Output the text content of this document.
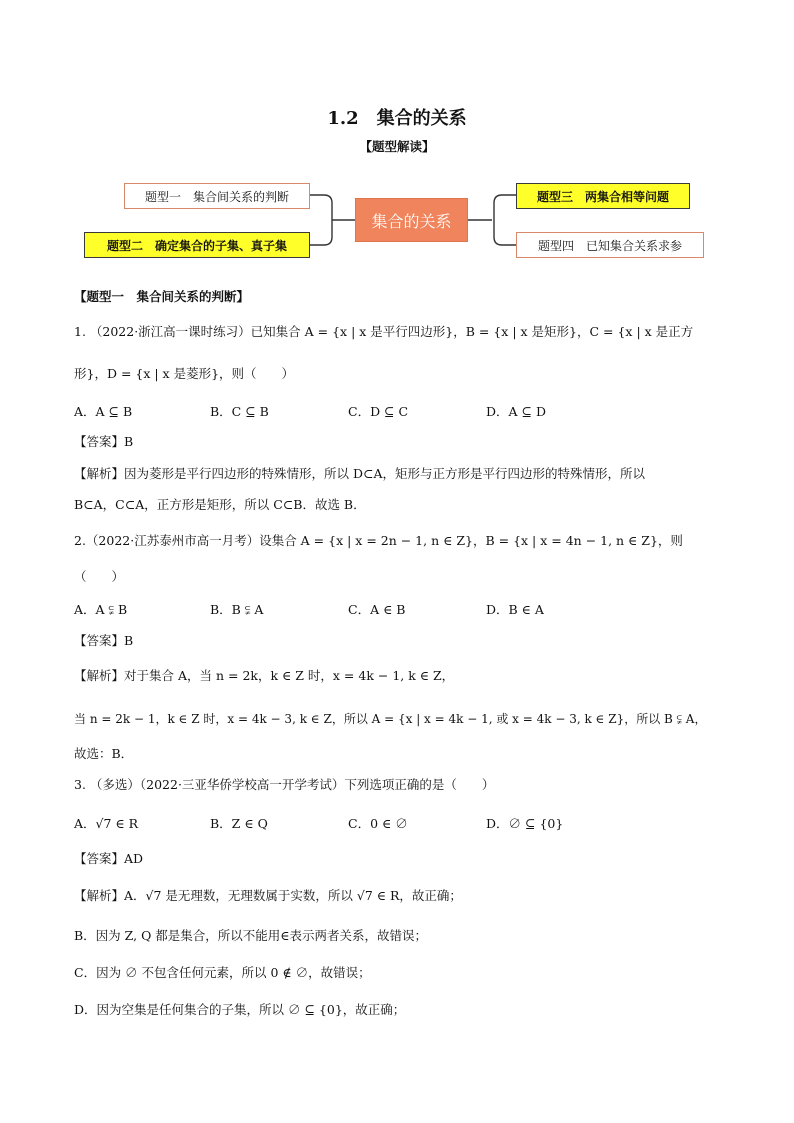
1.2　集合的关系
【题型解读】
题型一　集合间关系的判断
题型二　确定集合的子集、真子集
集合的关系
题型三　两集合相等问题
题型四　已知集合关系求参
【题型一　集合间关系的判断】
1. （2022·浙江高一课时练习）已知集合 A = {x | x 是平行四边形}，B = {x | x 是矩形}，C = {x | x 是正方
形}，D = {x | x 是菱形}，则（　　）
A．A ⊆ B	B．C ⊆ B	C．D ⊆ C	D．A ⊆ D
【答案】B
【解析】因为菱形是平行四边形的特殊情形，所以 D⊂A，矩形与正方形是平行四边形的特殊情形，所以
B⊂A，C⊂A，正方形是矩形，所以 C⊂B．故选 B．
2.（2022·江苏泰州市高一月考）设集合 A = {x | x = 2n − 1, n ∈ Z}，B = {x | x = 4n − 1, n ∈ Z}，则
（　　）
A．A ⫋ B	B．B ⫋ A	C．A ∈ B	D．B ∈ A
【答案】B
【解析】对于集合 A，当 n = 2k，k ∈ Z 时，x = 4k − 1, k ∈ Z，
当 n = 2k − 1，k ∈ Z 时，x = 4k − 3, k ∈ Z，所以 A = {x | x = 4k − 1, 或 x = 4k − 3, k ∈ Z}，所以 B ⫋ A，
故选：B．
3. （多选）（2022·三亚华侨学校高一开学考试）下列选项正确的是（　　）
A．√7 ∈ R	B．Z ∈ Q	C．0 ∈ ∅	D．∅ ⊆ {0}
【答案】AD
【解析】A．√7 是无理数，无理数属于实数，所以 √7 ∈ R，故正确；
B．因为 Z, Q 都是集合，所以不能用∈表示两者关系，故错误；
C．因为 ∅ 不包含任何元素，所以 0 ∉ ∅，故错误；
D．因为空集是任何集合的子集，所以 ∅ ⊆ {0}，故正确；
